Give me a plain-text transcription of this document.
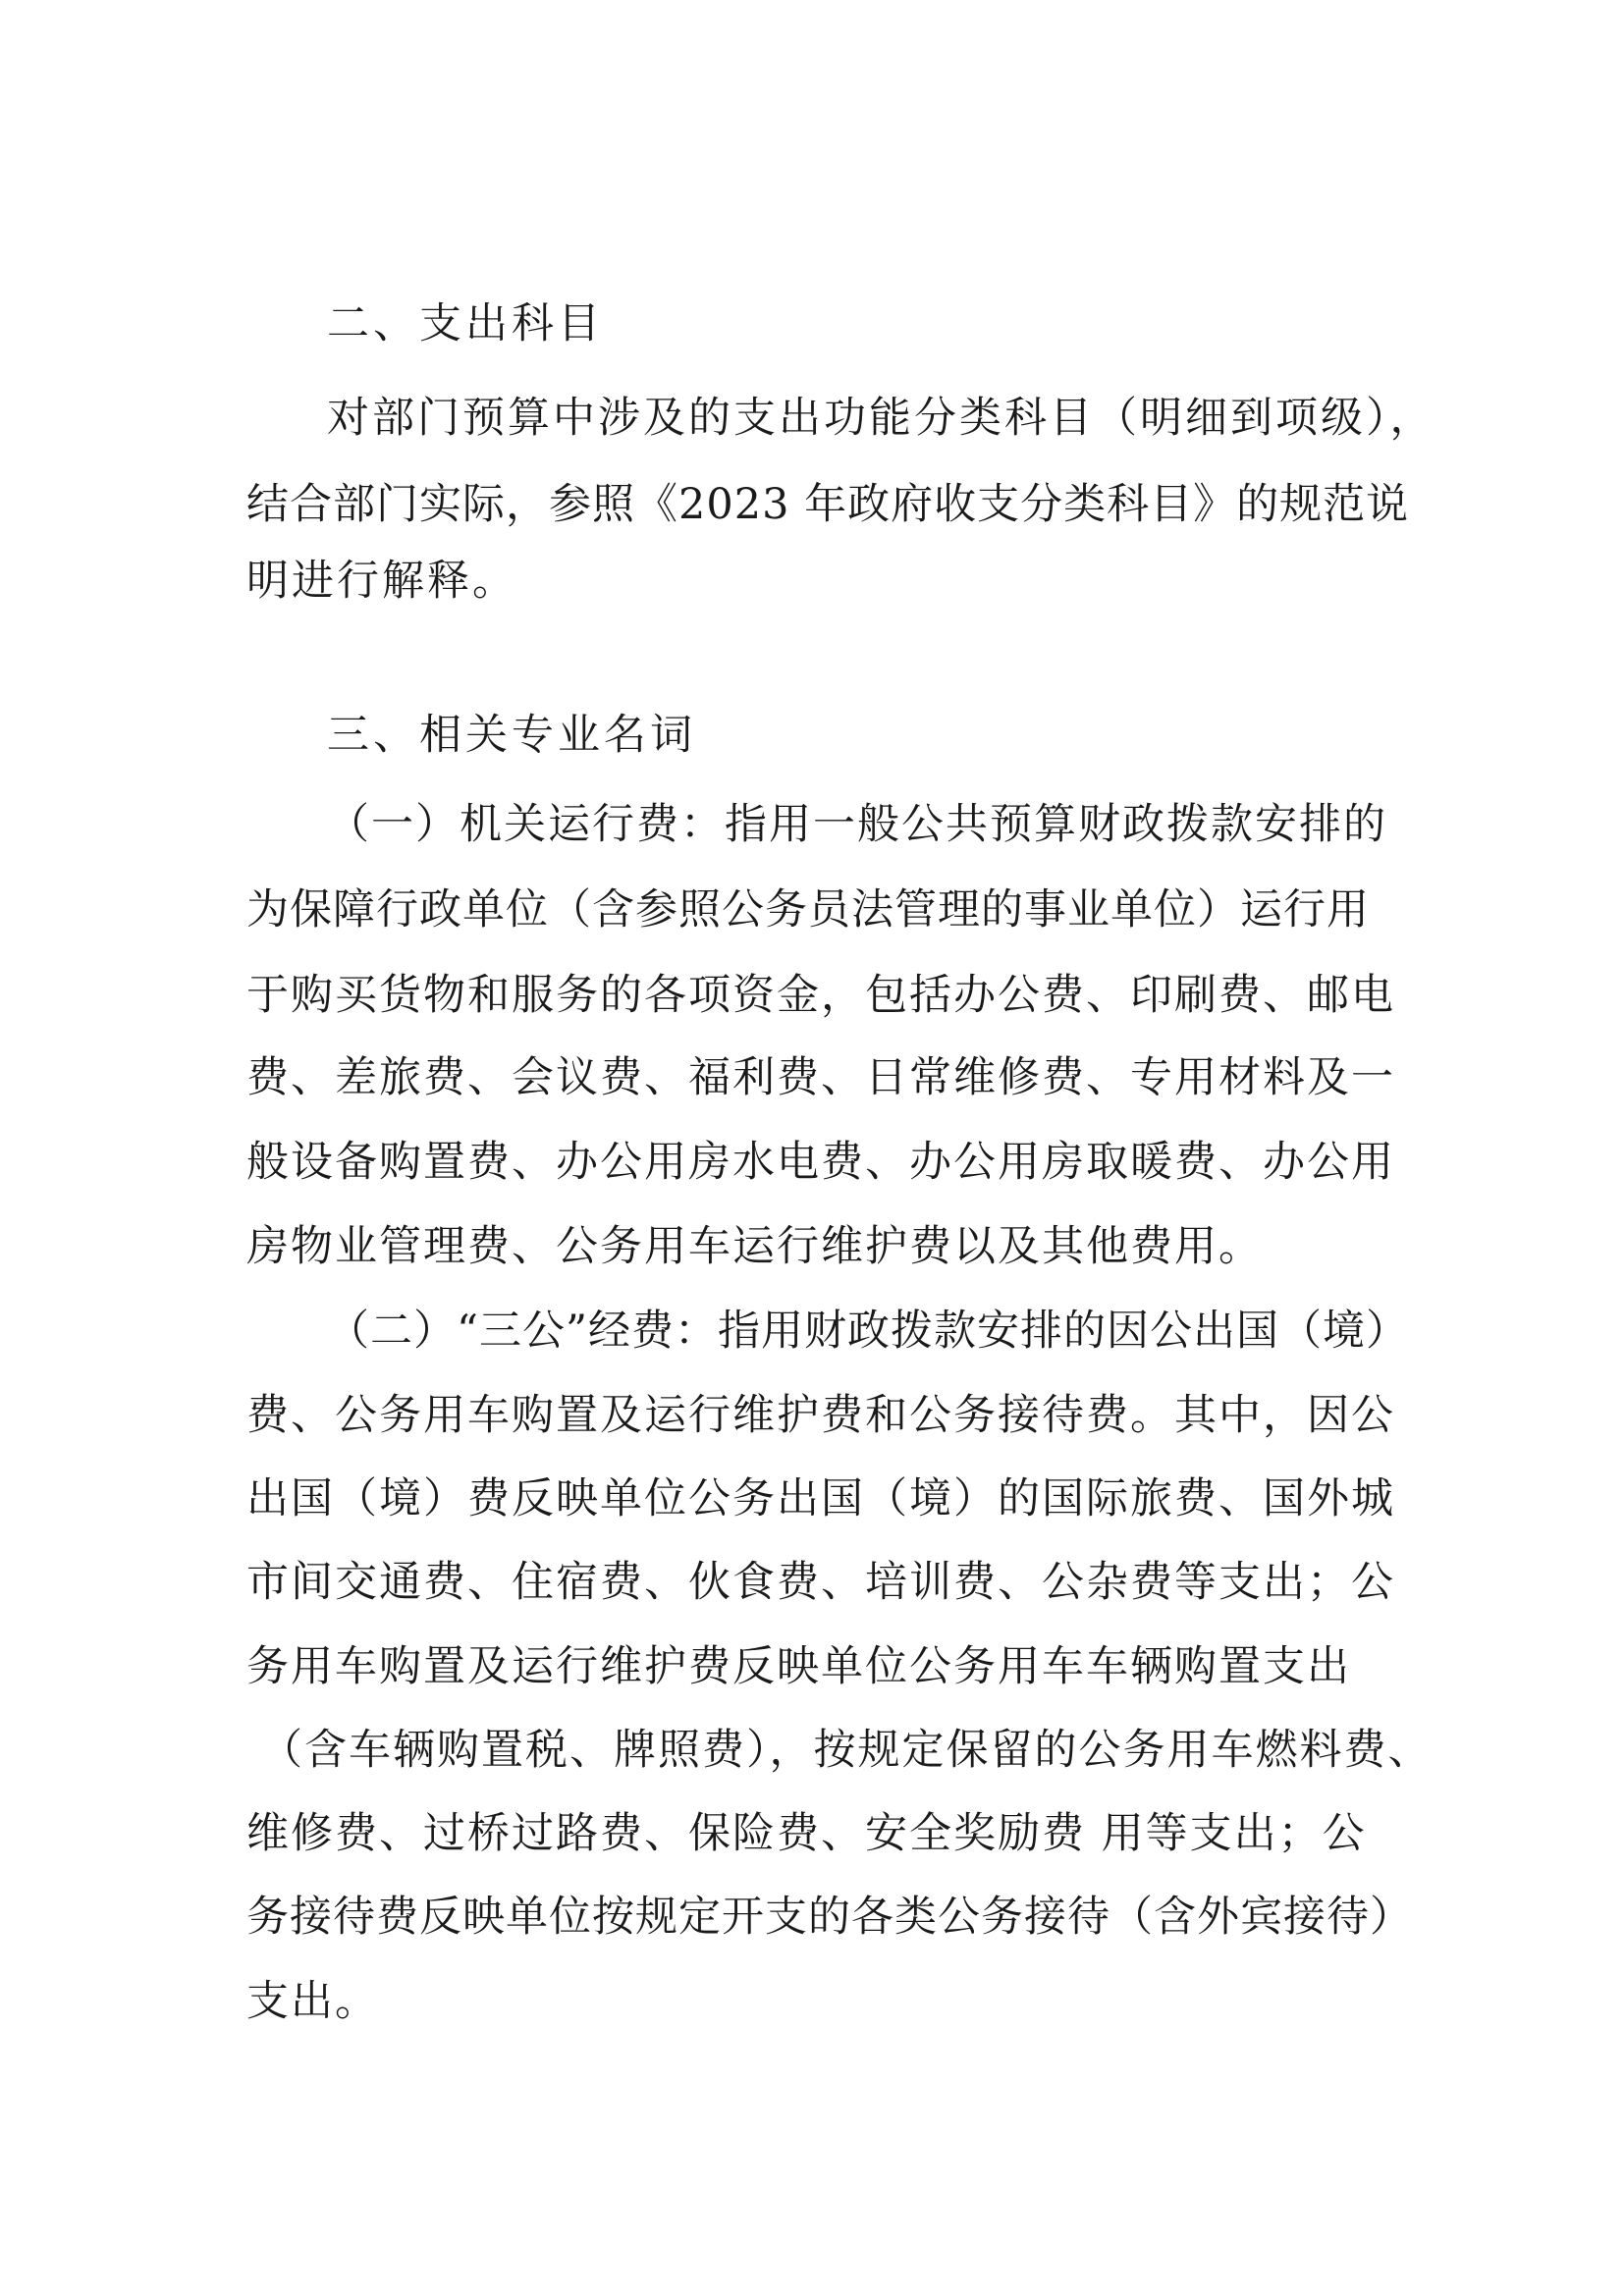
二、支出科目
对部门预算中涉及的支出功能分类科目（明细到项级），
结合部门实际，参照《2023 年政府收支分类科目》的规范说
明进行解释。
三、相关专业名词
（一）机关运行费：指用一般公共预算财政拨款安排的
为保障行政单位（含参照公务员法管理的事业单位）运行用
于购买货物和服务的各项资金，包括办公费、印刷费、邮电
费、差旅费、会议费、福利费、日常维修费、专用材料及一
般设备购置费、办公用房水电费、办公用房取暖费、办公用
房物业管理费、公务用车运行维护费以及其他费用。
（二）“三公”经费：指用财政拨款安排的因公出国（境）
费、公务用车购置及运行维护费和公务接待费。其中，因公
出国（境）费反映单位公务出国（境）的国际旅费、国外城
市间交通费、住宿费、伙食费、培训费、公杂费等支出；公
务用车购置及运行维护费反映单位公务用车车辆购置支出
（含车辆购置税、牌照费），按规定保留的公务用车燃料费、
维修费、过桥过路费、保险费、安全奖励费 用等支出；公
务接待费反映单位按规定开支的各类公务接待（含外宾接待）
支出。
